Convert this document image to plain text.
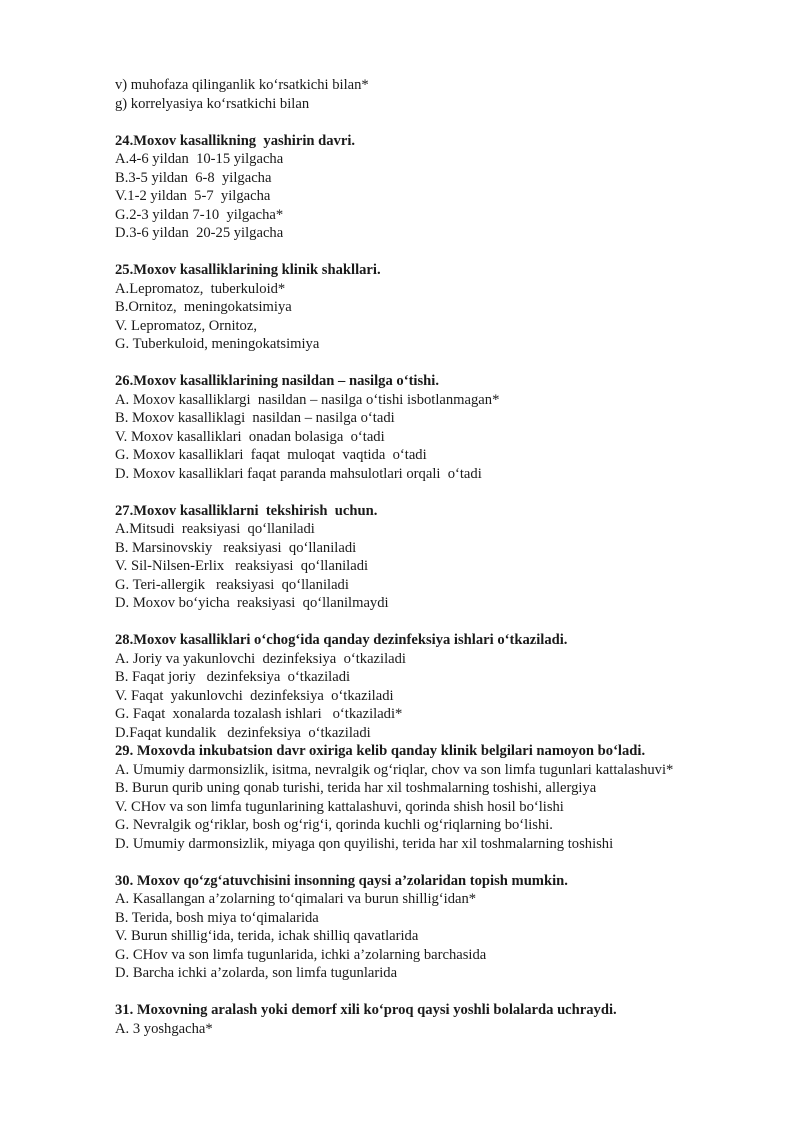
v) muhofaza qilinganlik ko‘rsatkichi bilan*
g) korrelyasiya ko‘rsatkichi bilan
24.Moxov kasallikning  yashirin davri.
A.4-6 yildan  10-15 yilgacha
B.3-5 yildan  6-8  yilgacha
V.1-2 yildan  5-7  yilgacha
G.2-3 yildan 7-10  yilgacha*
D.3-6 yildan  20-25 yilgacha
25.Moxov kasalliklarining klinik shakllari.
A.Lepromatoz,  tuberkuloid*
B.Ornitoz,  meningokatsimiya
V. Lepromatoz, Ornitoz,
G. Tuberkuloid, meningokatsimiya
26.Moxov kasalliklarining nasildan – nasilga o‘tishi.
A. Moxov kasalliklargi  nasildan – nasilga o‘tishi isbotlanmagan*
B. Moxov kasalliklagi  nasildan – nasilga o‘tadi
V. Moxov kasalliklari  onadan bolasiga  o‘tadi
G. Moxov kasalliklari  faqat  muloqat  vaqtida  o‘tadi
D. Moxov kasalliklari faqat paranda mahsulotlari orqali  o‘tadi
27.Moxov kasalliklarni  tekshirish  uchun.
A.Mitsudi  reaksiyasi  qo‘llaniladi
B. Marsinovskiy   reaksiyasi  qo‘llaniladi
V. Sil-Nilsen-Erlix   reaksiyasi  qo‘llaniladi
G. Teri-allergik   reaksiyasi  qo‘llaniladi
D. Moxov bo‘yicha  reaksiyasi  qo‘llanilmaydi
28.Moxov kasalliklari o‘chog‘ida qanday dezinfeksiya ishlari o‘tkaziladi.
A. Joriy va yakunlovchi  dezinfeksiya  o‘tkaziladi
B. Faqat joriy   dezinfeksiya  o‘tkaziladi
V. Faqat  yakunlovchi  dezinfeksiya  o‘tkaziladi
G. Faqat  xonalarda tozalash ishlari   o‘tkaziladi*
D.Faqat kundalik   dezinfeksiya  o‘tkaziladi
29. Moxovda inkubatsion davr oxiriga kelib qanday klinik belgilari namoyon bo‘ladi.
A. Umumiy darmonsizlik, isitma, nevralgik og‘riqlar, chov va son limfa tugunlari kattalashuvi*
B. Burun qurib uning qonab turishi, terida har xil toshmalarning toshishi, allergiya
V. CHov va son limfa tugunlarining kattalashuvi, qorinda shish hosil bo‘lishi
G. Nevralgik og‘riklar, bosh og‘rig‘i, qorinda kuchli og‘riqlarning bo‘lishi.
D. Umumiy darmonsizlik, miyaga qon quyilishi, terida har xil toshmalarning toshishi
30. Moxov qo‘zg‘atuvchisini insonning qaysi a’zolaridan topish mumkin.
A. Kasallangan a’zolarning to‘qimalari va burun shillig‘idan*
B. Terida, bosh miya to‘qimalarida
V. Burun shillig‘ida, terida, ichak shilliq qavatlarida
G. CHov va son limfa tugunlarida, ichki a’zolarning barchasida
D. Barcha ichki a’zolarda, son limfa tugunlarida
31. Moxovning aralash yoki demorf xili ko‘proq qaysi yoshli bolalarda uchraydi.
A. 3 yoshgacha*
